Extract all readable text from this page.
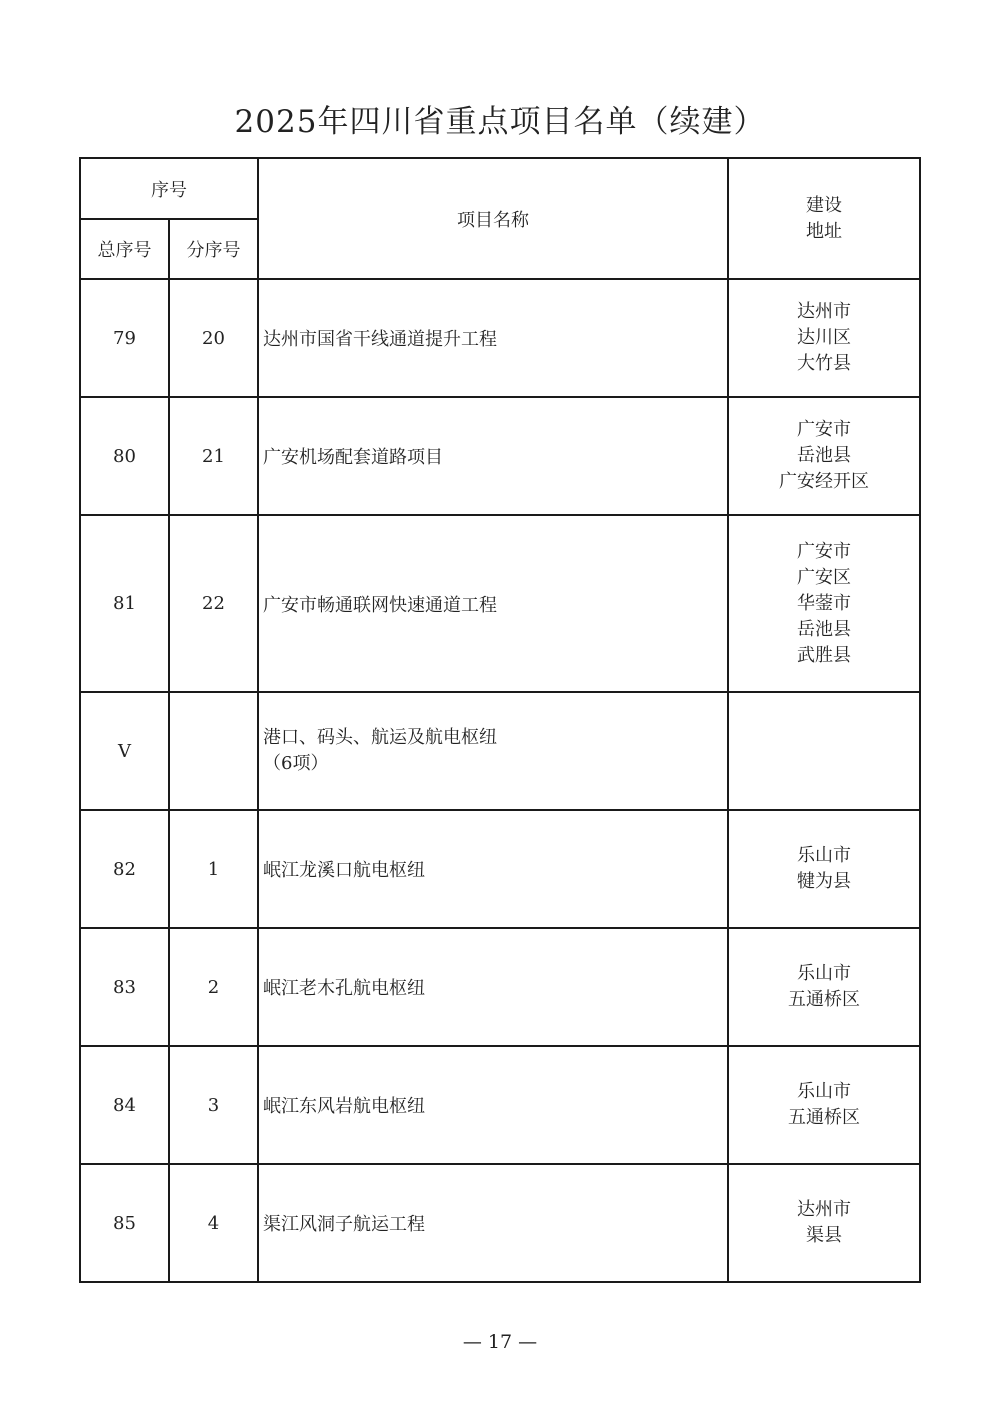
2025年四川省重点项目名单（续建）
序号		项目名称	建设
地址

总序号	分序号		
79	20	达州市国省干线通道提升工程	达州市
达川区
大竹县

80	21	广安机场配套道路项目	广安市
岳池县
广安经开区

81	22	广安市畅通联网快速通道工程	广安市
广安区
华蓥市
岳池县
武胜县

V		港口、码头、航运及航电枢纽
（6项）	

82	1	岷江龙溪口航电枢纽	乐山市
犍为县

83	2	岷江老木孔航电枢纽	乐山市
五通桥区

84	3	岷江东风岩航电枢纽	乐山市
五通桥区

85	4	渠江风洞子航运工程	达州市
渠县
— 17 —
